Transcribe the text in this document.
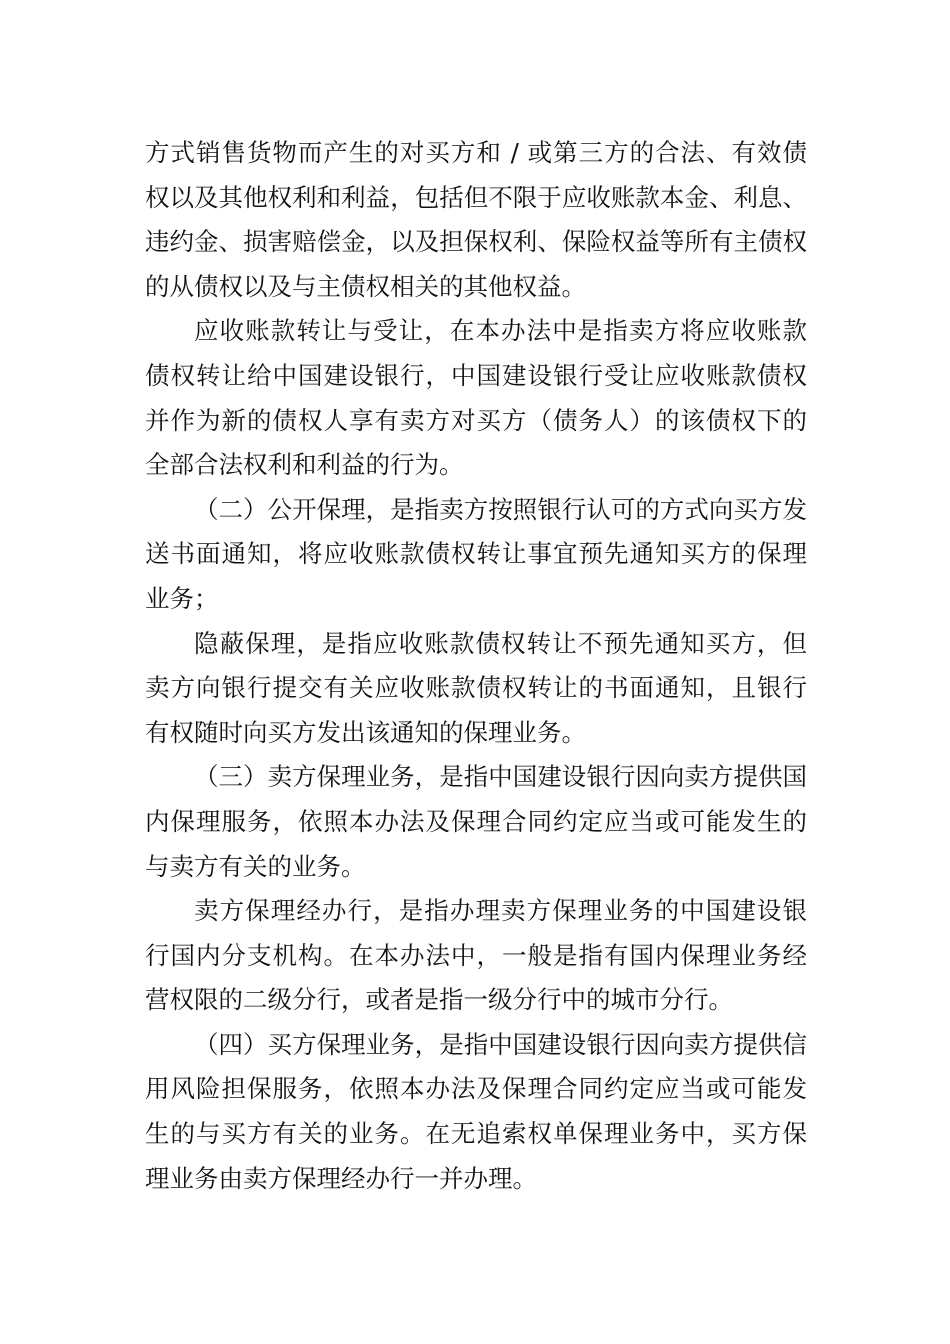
方式销售货物而产生的对买方和 / 或第三方的合法、有效债
权以及其他权利和利益，包括但不限于应收账款本金、利息、
违约金、损害赔偿金，以及担保权利、保险权益等所有主债权
的从债权以及与主债权相关的其他权益。
应收账款转让与受让，在本办法中是指卖方将应收账款
债权转让给中国建设银行，中国建设银行受让应收账款债权
并作为新的债权人享有卖方对买方（债务人）的该债权下的
全部合法权利和利益的行为。
（二）公开保理，是指卖方按照银行认可的方式向买方发
送书面通知，将应收账款债权转让事宜预先通知买方的保理
业务；
隐蔽保理，是指应收账款债权转让不预先通知买方，但
卖方向银行提交有关应收账款债权转让的书面通知，且银行
有权随时向买方发出该通知的保理业务。
（三）卖方保理业务，是指中国建设银行因向卖方提供国
内保理服务，依照本办法及保理合同约定应当或可能发生的
与卖方有关的业务。
卖方保理经办行，是指办理卖方保理业务的中国建设银
行国内分支机构。在本办法中，一般是指有国内保理业务经
营权限的二级分行，或者是指一级分行中的城市分行。
（四）买方保理业务，是指中国建设银行因向卖方提供信
用风险担保服务，依照本办法及保理合同约定应当或可能发
生的与买方有关的业务。在无追索权单保理业务中，买方保
理业务由卖方保理经办行一并办理。
